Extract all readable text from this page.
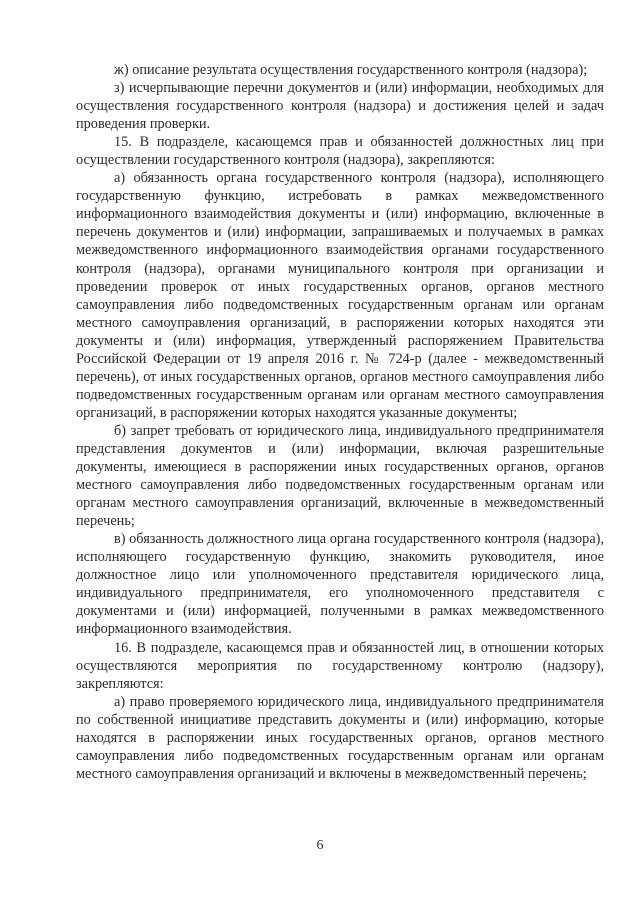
ж) описание результата осуществления государственного контроля (надзора);

з) исчерпывающие перечни документов и (или) информации, необходимых для осуществления государственного контроля (надзора) и достижения целей и задач проведения проверки.

15. В подразделе, касающемся прав и обязанностей должностных лиц при осуществлении государственного контроля (надзора), закрепляются:

а) обязанность органа государственного контроля (надзора), исполняющего государственную функцию, истребовать в рамках межведомственного информационного взаимодействия документы и (или) информацию, включенные в перечень документов и (или) информации, запрашиваемых и получаемых в рамках межведомственного информационного взаимодействия органами государственного контроля (надзора), органами муниципального контроля при организации и проведении проверок от иных государственных органов, органов местного самоуправления либо подведомственных государственным органам или органам местного самоуправления организаций, в распоряжении которых находятся эти документы и (или) информация, утвержденный распоряжением Правительства Российской Федерации от 19 апреля 2016 г. № 724-р (далее - межведомственный перечень), от иных государственных органов, органов местного самоуправления либо подведомственных государственным органам или органам местного самоуправления организаций, в распоряжении которых находятся указанные документы;

б) запрет требовать от юридического лица, индивидуального предпринимателя представления документов и (или) информации, включая разрешительные документы, имеющиеся в распоряжении иных государственных органов, органов местного самоуправления либо подведомственных государственным органам или органам местного самоуправления организаций, включенные в межведомственный перечень;

в) обязанность должностного лица органа государственного контроля (надзора), исполняющего государственную функцию, знакомить руководителя, иное должностное лицо или уполномоченного представителя юридического лица, индивидуального предпринимателя, его уполномоченного представителя с документами и (или) информацией, полученными в рамках межведомственного информационного взаимодействия.

16. В подразделе, касающемся прав и обязанностей лиц, в отношении которых осуществляются мероприятия по государственному контролю (надзору), закрепляются:

а) право проверяемого юридического лица, индивидуального предпринимателя по собственной инициативе представить документы и (или) информацию, которые находятся в распоряжении иных государственных органов, органов местного самоуправления либо подведомственных государственным органам или органам местного самоуправления организаций и включены в межведомственный перечень;

6
